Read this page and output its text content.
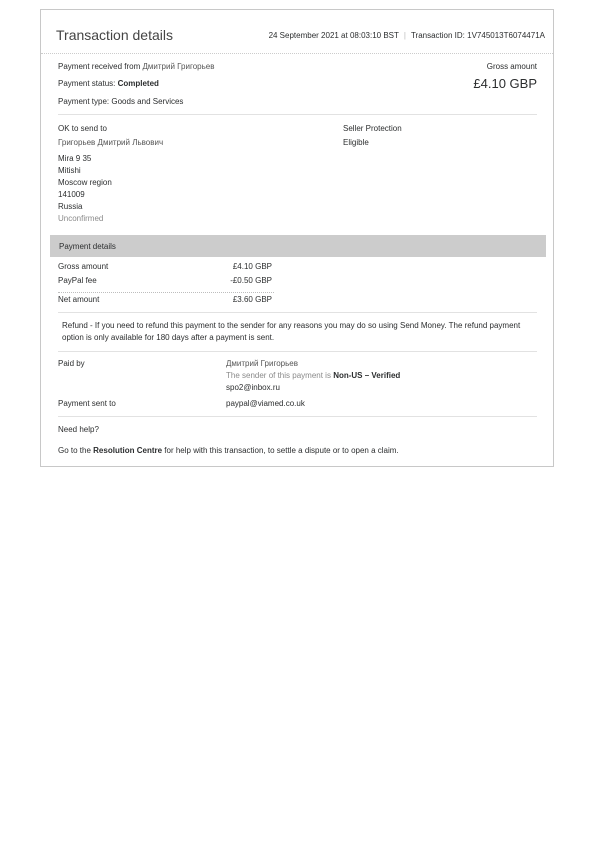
Transaction details	24 September 2021 at 08:03:10 BST | Transaction ID: 1V745013T6074471A
Payment received from Дмитрий Григорьев
Payment status: Completed
Payment type: Goods and Services
Gross amount
£4.10 GBP
OK to send to
Григорьев Дмитрий Львович
Mira 9 35
Mitishi
Moscow region
141009
Russia
Unconfirmed
Seller Protection
Eligible
Payment details
Gross amount	£4.10 GBP
PayPal fee	-£0.50 GBP
Net amount	£3.60 GBP
Refund - If you need to refund this payment to the sender for any reasons you may do so using Send Money. The refund payment option is only available for 180 days after a payment is sent.
Paid by	Дмитрий Григорьев
The sender of this payment is Non-US – Verified
spo2@inbox.ru
Payment sent to	paypal@viamed.co.uk
Need help?
Go to the Resolution Centre for help with this transaction, to settle a dispute or to open a claim.
